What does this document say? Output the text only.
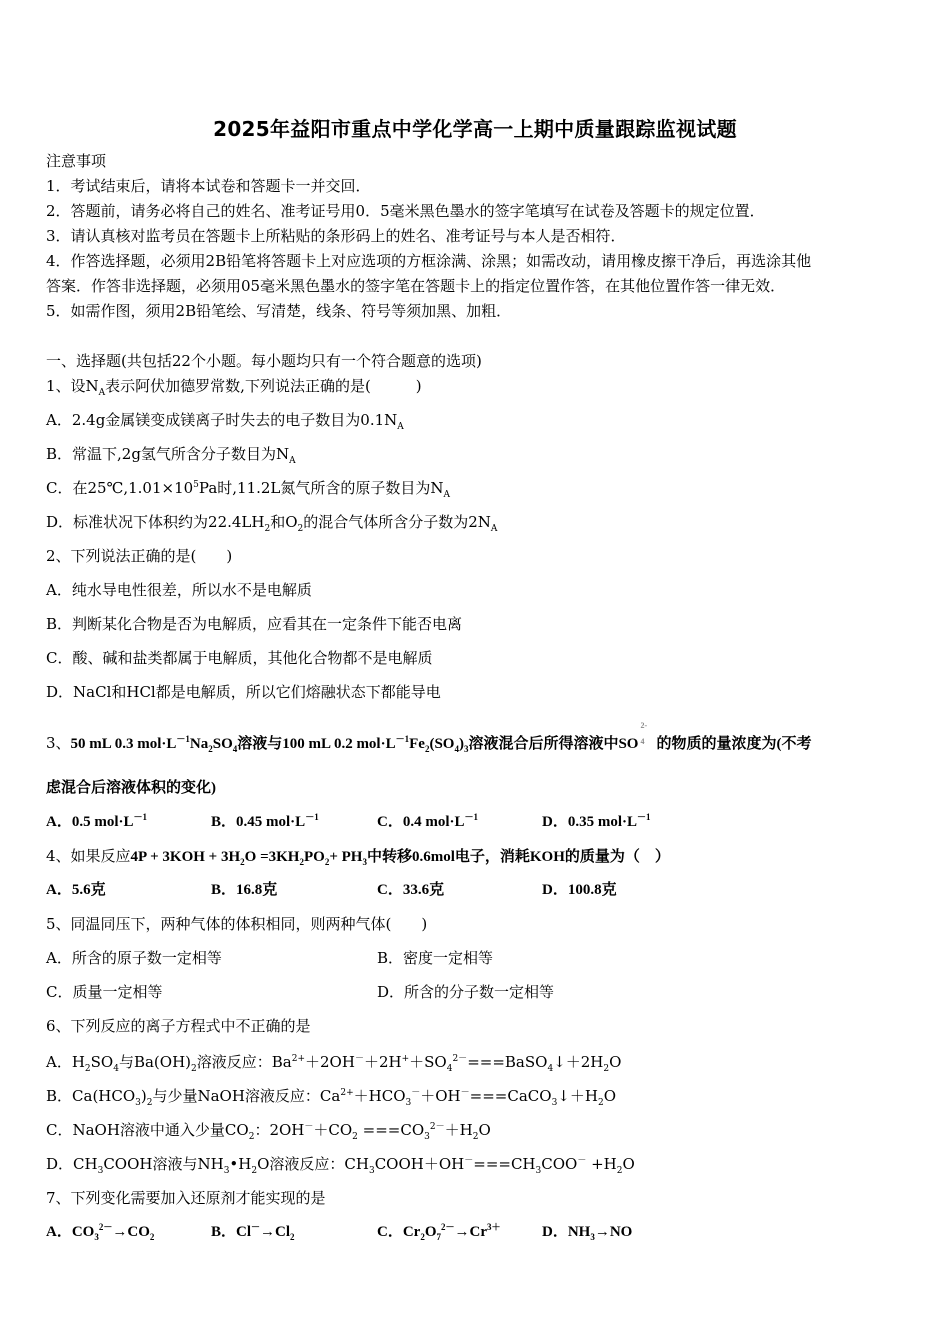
2025年益阳市重点中学化学高一上期中质量跟踪监视试题
注意事项
1．考试结束后，请将本试卷和答题卡一并交回．
2．答题前，请务必将自己的姓名、准考证号用0．5毫米黑色墨水的签字笔填写在试卷及答题卡的规定位置．
3．请认真核对监考员在答题卡上所粘贴的条形码上的姓名、准考证号与本人是否相符．
4．作答选择题，必须用2B铅笔将答题卡上对应选项的方框涂满、涂黑；如需改动，请用橡皮擦干净后，再选涂其他
答案．作答非选择题，必须用05毫米黑色墨水的签字笔在答题卡上的指定位置作答，在其他位置作答一律无效．
5．如需作图，须用2B铅笔绘、写清楚，线条、符号等须加黑、加粗．
一、选择题(共包括22个小题。每小题均只有一个符合题意的选项)
1、设$N_A$表示阿伏加德罗常数,下列说法正确的是(　　　)
A．2.4g金属镁变成镁离子时失去的电子数目为$0.1N_A$
B．常温下,2g氢气所含分子数目为$N_A$
C．在$25℃,1.01\times 10^5Pa$时,11.2L氮气所含的原子数目为$N_A$
D．标准状况下体积约为$22.4LH_2$和$O_2$的混合气体所含分子数为$2N_A$
2、下列说法正确的是(　　)
A．纯水导电性很差，所以水不是电解质
B．判断某化合物是否为电解质，应看其在一定条件下能否电离
C．酸、碱和盐类都属于电解质，其他化合物都不是电解质
D．NaCl和HCl都是电解质，所以它们熔融状态下都能导电
3、50 mL 0.3 $mol\cdot L^{-1}Na_2SO_4$溶液与100 mL 0.2 $mol\cdot L^{-1}Fe_2(SO_4)_3$溶液混合后所得溶液中SO
2-
4 的物质的量浓度为(不考
虑混合后溶液体积的变化)
A．0.5 $mol\cdot L^{-1}$	B．0.45 $mol\cdot L^{-1}$	C．0.4 $mol\cdot L^{-1}$	D．0.35 $mol\cdot L^{-1}$
4、如果反应$4P + 3KOH + 3H_2O =3KH_2PO_2+ PH_3$中转移0.6mol电子，消耗KOH的质量为（　）
A．5.6克	B．16.8克	C．33.6克	D．100.8克
5、同温同压下，两种气体的体积相同，则两种气体(　　)
A．所含的原子数一定相等	B．密度一定相等
C．质量一定相等	D．所含的分子数一定相等
6、下列反应的离子方程式中不正确的是
A．$H_2SO_4$与$Ba(OH)_2$溶液反应：$Ba^{2+}+2OH^-+2H^++SO_4^{2-}===BaSO_4↓+2H_2O$
B．$Ca(HCO_3)_2$与少量NaOH溶液反应：$Ca^{2+}+HCO_3^-+OH^-===CaCO_3↓+H_2O$
C．NaOH溶液中通入少量$CO_2$：$2OH^-+CO_2 ===CO_3^{2-}+H_2O$
D．$CH_3COOH$溶液与$NH_3•H_2O$溶液反应：$CH_3COOH+OH^-===CH_3COO^- +H_2O$
7、下列变化需要加入还原剂才能实现的是
A．$CO_3^{2-}\to CO_2$	B．$Cl^-\to Cl_2$	C．$Cr_2O_7^{2-}\to Cr^{3+}$	D．$NH_3\to NO$
